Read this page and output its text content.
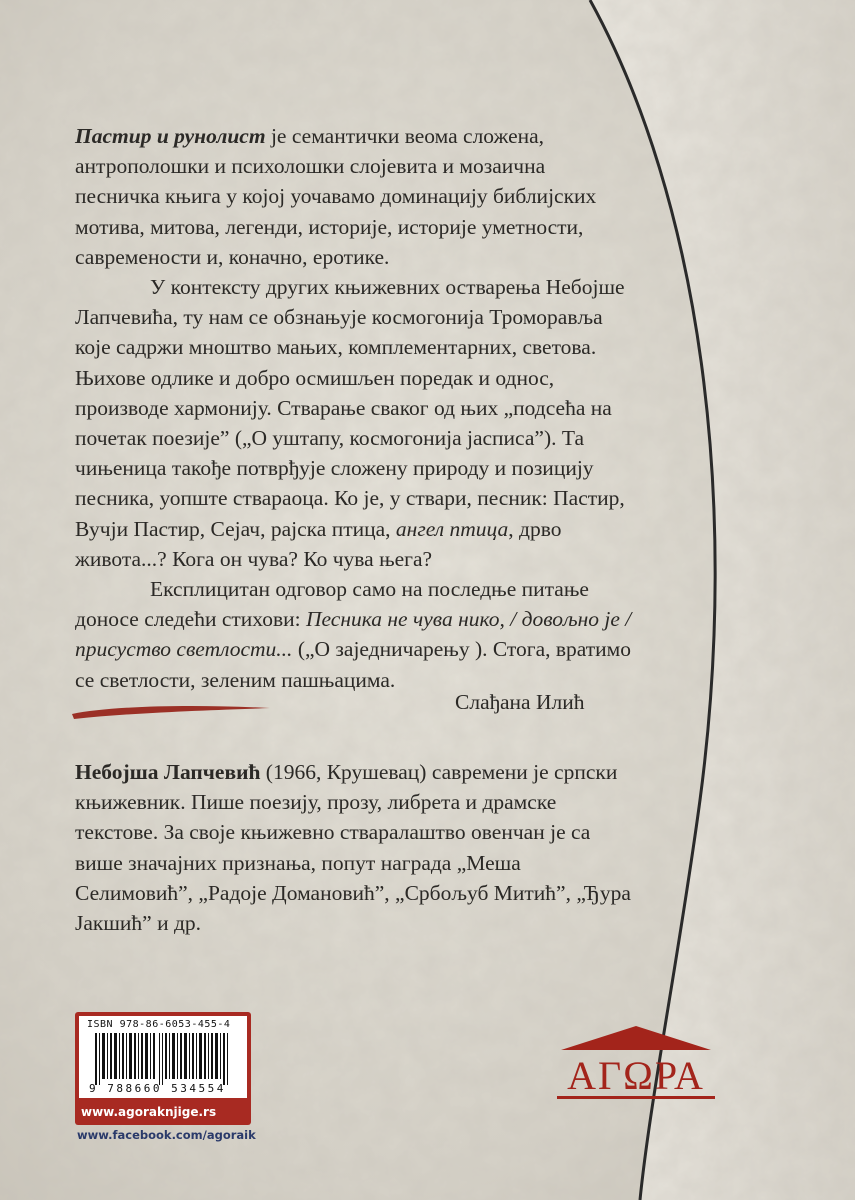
Пастир и рунолист је семантички веома сложена, антрополошки и психолошки слојевита и мозаична песничка књига у којој уочавамо доминацију библијских мотива, митова, легенди, историје, историје уметности, савремености и, коначно, еротике.

У контексту других књижевних остварења Небојше Лапчевића, ту нам се обзнањује космогонија Троморавља које садржи мноштво мањих, комплементарних, светова. Њихове одлике и добро осмишљен поредак и однос, производе хармонију. Стварање сваког од њих „подсећа на почетак поезије” („О уштапу, космогонија јасписа”). Та чињеница такође потврђује сложену природу и позицију песника, уопште ствараоца. Ко је, у ствари, песник: Пастир, Вучји Пастир, Сејач, рајска птица, ангел птица, дрво живота...? Кога он чува? Ко чува њега?

Експлицитан одговор само на последње питање доносе следећи стихови: Песника не чува нико, / довољно је / присуство светлости... („О заједничарењу ). Стога, вратимо се светлости, зеленим пашњацима.

Слађана Илић

Небојша Лапчевић (1966, Крушевац) савремени је српски књижевник. Пише поезију, прозу, либрета и драмске текстове. За своје књижевно стваралаштво овенчан је са више значајних признања, попут награда „Меша Селимовић”, „Радоје Домановић”, „Србољуб Митић”, „Ђура Јакшић” и др.

ISBN 978-86-6053-455-4
9 788660 534554
www.agoraknjige.rs
www.facebook.com/agoraik
АГΩРА
